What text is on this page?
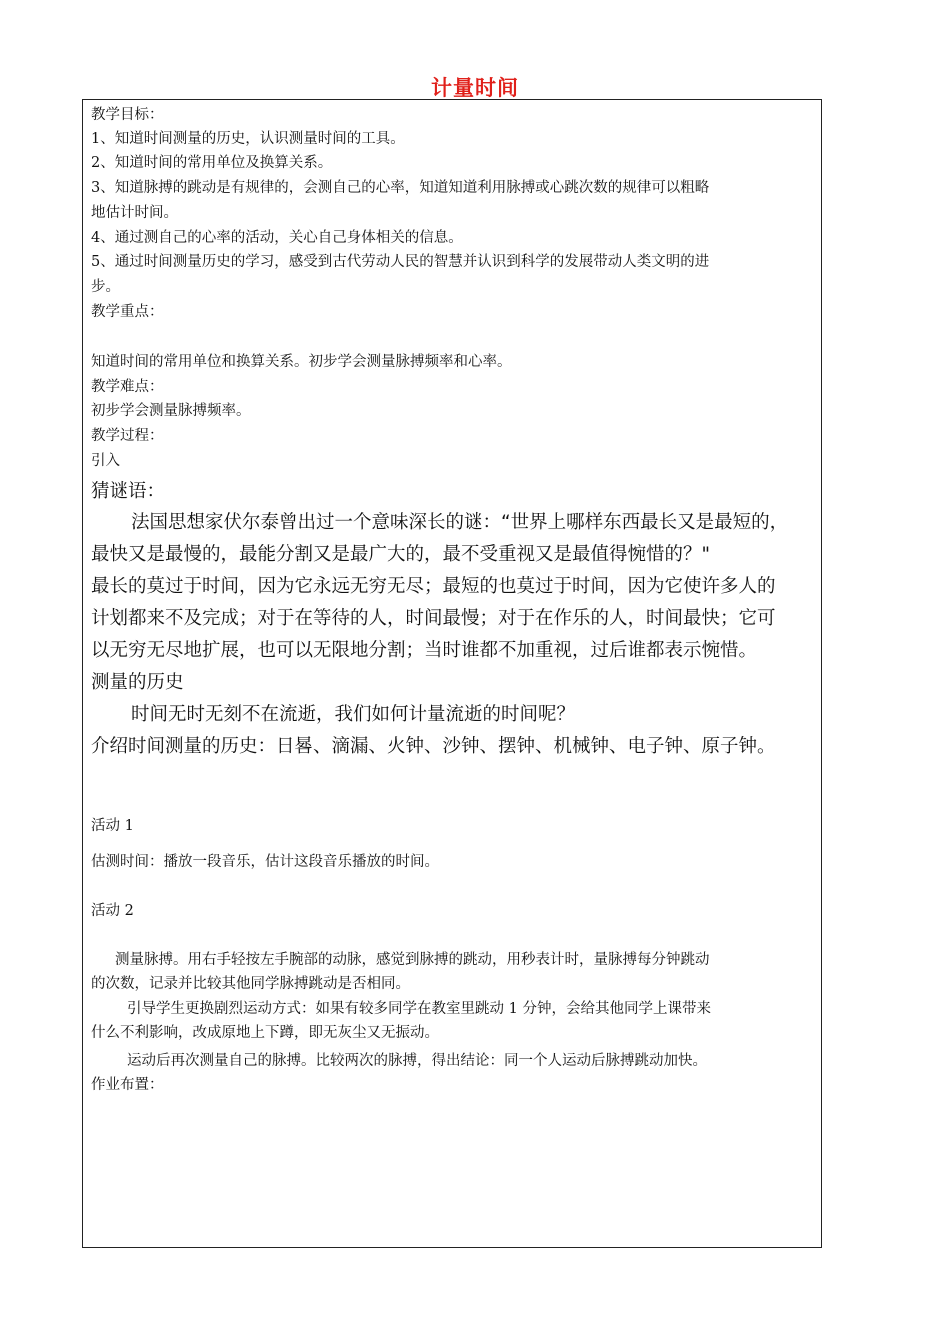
计量时间
教学目标：
1、知道时间测量的历史，认识测量时间的工具。
2、知道时间的常用单位及换算关系。
3、知道脉搏的跳动是有规律的，会测自己的心率，知道知道利用脉搏或心跳次数的规律可以粗略
地估计时间。
4、通过测自己的心率的活动，关心自己身体相关的信息。
5、通过时间测量历史的学习，感受到古代劳动人民的智慧并认识到科学的发展带动人类文明的进
步。
教学重点：
知道时间的常用单位和换算关系。初步学会测量脉搏频率和心率。
教学难点：
初步学会测量脉搏频率。
教学过程：
引入
猜谜语：
法国思想家伏尔泰曾出过一个意味深长的谜：“世界上哪样东西最长又是最短的，
最快又是最慢的，最能分割又是最广大的，最不受重视又是最值得惋惜的？"
最长的莫过于时间，因为它永远无穷无尽；最短的也莫过于时间，因为它使许多人的
计划都来不及完成；对于在等待的人，时间最慢；对于在作乐的人，时间最快；它可
以无穷无尽地扩展，也可以无限地分割；当时谁都不加重视，过后谁都表示惋惜。
测量的历史
时间无时无刻不在流逝，我们如何计量流逝的时间呢？
介绍时间测量的历史：日晷、滴漏、火钟、沙钟、摆钟、机械钟、电子钟、原子钟。
活动 1
估测时间：播放一段音乐，估计这段音乐播放的时间。
活动 2
测量脉搏。用右手轻按左手腕部的动脉，感觉到脉搏的跳动，用秒表计时，量脉搏每分钟跳动
的次数，记录并比较其他同学脉搏跳动是否相同。
引导学生更换剧烈运动方式：如果有较多同学在教室里跳动 1 分钟，会给其他同学上课带来
什么不利影响，改成原地上下蹲，即无灰尘又无振动。
运动后再次测量自己的脉搏。比较两次的脉搏，得出结论：同一个人运动后脉搏跳动加快。
作业布置：
